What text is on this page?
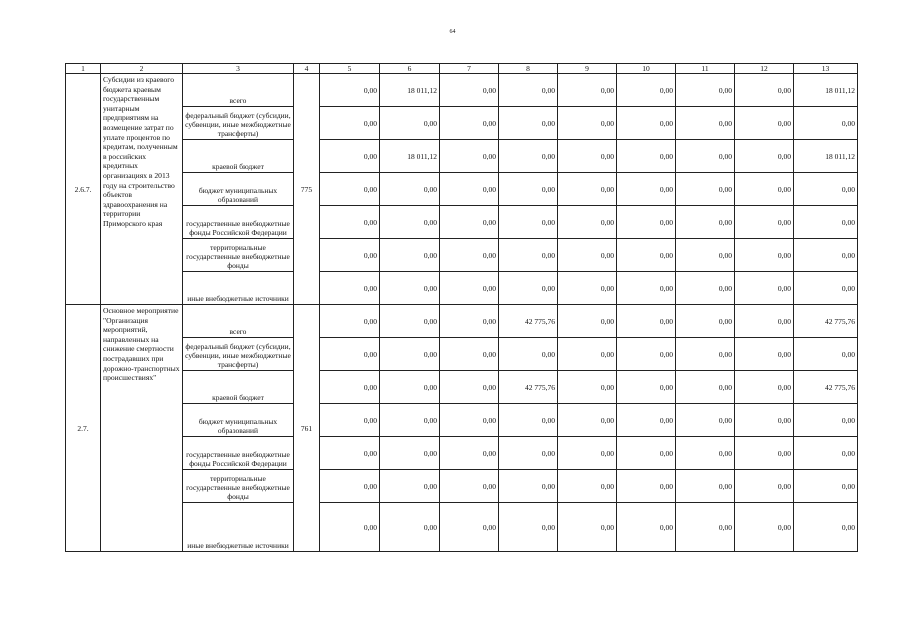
64
1	2	3	4	5	6	7	8	9	10	11	12	13
2.6.7.	Субсидии из краевого бюджета краевым государственным унитарным предприятиям на возмещение затрат по уплате процентов по кредитам, полученным в российских кредитных организациях в 2013 году на строительство объектов здравоохранения на территории Приморского края	всего	775	0,00	18 011,12	0,00	0,00	0,00	0,00	0,00	0,00	18 011,12
		федеральный бюджет (субсидии, субвенции, иные межбюджетные трансферты)		0,00	0,00	0,00	0,00	0,00	0,00	0,00	0,00	0,00
		краевой бюджет		0,00	18 011,12	0,00	0,00	0,00	0,00	0,00	0,00	18 011,12
		бюджет муниципальных образований		0,00	0,00	0,00	0,00	0,00	0,00	0,00	0,00	0,00
		государственные внебюджетные фонды Российской Федерации		0,00	0,00	0,00	0,00	0,00	0,00	0,00	0,00	0,00
		территориальные государственные внебюджетные фонды		0,00	0,00	0,00	0,00	0,00	0,00	0,00	0,00	0,00
		иные внебюджетные источники		0,00	0,00	0,00	0,00	0,00	0,00	0,00	0,00	0,00
2.7.	Основное мероприятие "Организация мероприятий, направленных на снижение смертности пострадавших при дорожно-транспортных происшествиях"	всего	761	0,00	0,00	0,00	42 775,76	0,00	0,00	0,00	0,00	42 775,76
		федеральный бюджет (субсидии, субвенции, иные межбюджетные трансферты)		0,00	0,00	0,00	0,00	0,00	0,00	0,00	0,00	0,00
		краевой бюджет		0,00	0,00	0,00	42 775,76	0,00	0,00	0,00	0,00	42 775,76
		бюджет муниципальных образований		0,00	0,00	0,00	0,00	0,00	0,00	0,00	0,00	0,00
		государственные внебюджетные фонды Российской Федерации		0,00	0,00	0,00	0,00	0,00	0,00	0,00	0,00	0,00
		территориальные государственные внебюджетные фонды		0,00	0,00	0,00	0,00	0,00	0,00	0,00	0,00	0,00
		иные внебюджетные источники		0,00	0,00	0,00	0,00	0,00	0,00	0,00	0,00	0,00
